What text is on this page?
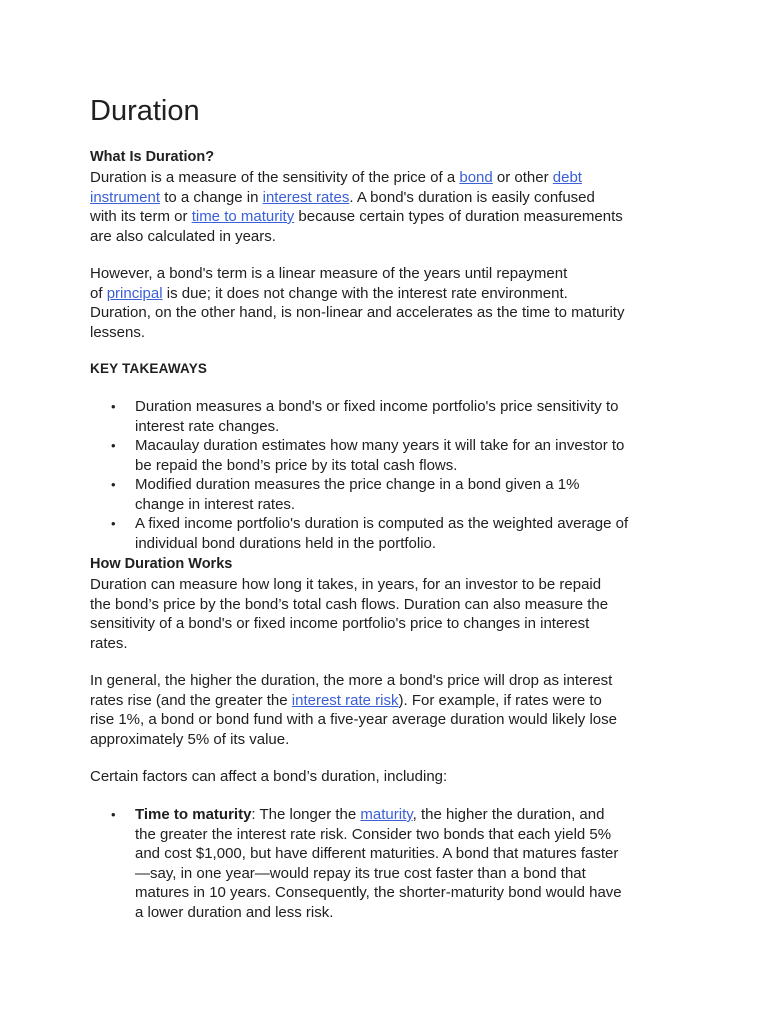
Duration
What Is Duration?

Duration is a measure of the sensitivity of the price of a bond or other debt
instrument to a change in interest rates. A bond's duration is easily confused
with its term or time to maturity because certain types of duration measurements
are also calculated in years.

However, a bond's term is a linear measure of the years until repayment
of principal is due; it does not change with the interest rate environment.
Duration, on the other hand, is non-linear and accelerates as the time to maturity
lessens.

KEY TAKEAWAYS
• Duration measures a bond's or fixed income portfolio's price sensitivity to
interest rate changes.
• Macaulay duration estimates how many years it will take for an investor to
be repaid the bond’s price by its total cash flows.
• Modified duration measures the price change in a bond given a 1%
change in interest rates.
• A fixed income portfolio's duration is computed as the weighted average of
individual bond durations held in the portfolio.
How Duration Works

Duration can measure how long it takes, in years, for an investor to be repaid
the bond’s price by the bond’s total cash flows. Duration can also measure the
sensitivity of a bond's or fixed income portfolio's price to changes in interest
rates.

In general, the higher the duration, the more a bond's price will drop as interest
rates rise (and the greater the interest rate risk). For example, if rates were to
rise 1%, a bond or bond fund with a five-year average duration would likely lose
approximately 5% of its value.

Certain factors can affect a bond’s duration, including:

• Time to maturity: The longer the maturity, the higher the duration, and
the greater the interest rate risk. Consider two bonds that each yield 5%
and cost $1,000, but have different maturities. A bond that matures faster
—say, in one year—would repay its true cost faster than a bond that
matures in 10 years. Consequently, the shorter-maturity bond would have
a lower duration and less risk.
